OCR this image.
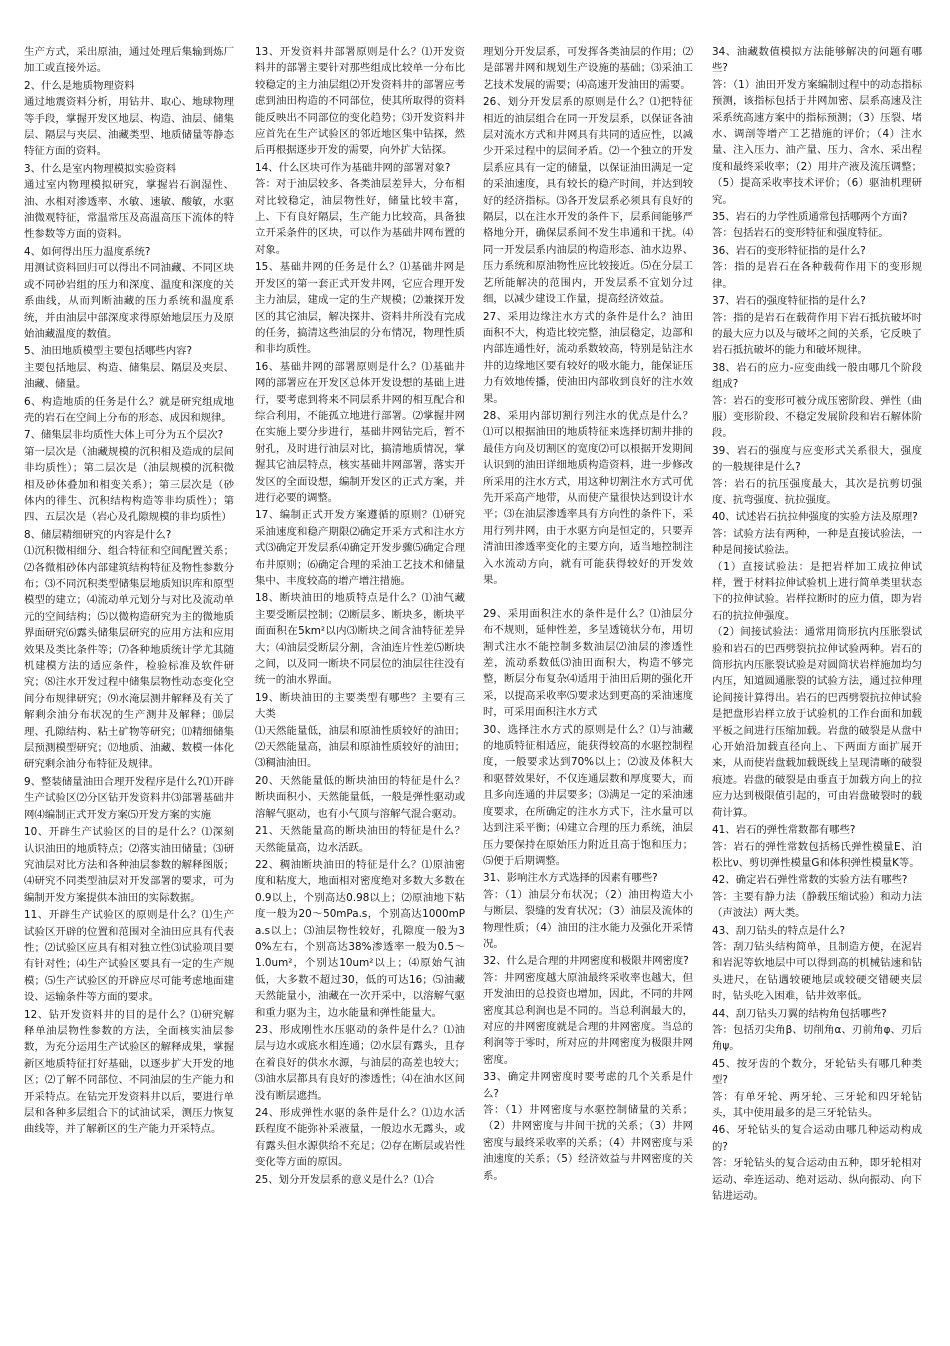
生产方式，采出原油，通过处理后集输到炼厂加工或直接外运。
2、什么是地质物理资料
通过地震资料分析，用钻井、取心、地球物理等手段，掌握开发区地层、构造、油层、储集层、隔层与夹层、油藏类型、地质储量等静态特征方面的资料。
3、什么是室内物理模拟实验资料
通过室内物理模拟研究，掌握岩石润湿性、油、水相对渗透率、水敏、速敏、酸敏，水驱油微观特征，常温常压及高温高压下流体的特性参数等方面的资料。
4、如何得出压力温度系统?
用测试资料回归可以得出不同油藏、不同区块或不同砂岩组的压力和深度、温度和深度的关系曲线，从而判断油藏的压力系统和温度系统，并由油层中部深度求得原始地层压力及原始油藏温度的数值。
5、油田地质模型主要包括哪些内容?
主要包括地层、构造、储集层、隔层及夹层、油藏、储量。
6、构造地质的任务是什么？就是研究组成地壳的岩石在空间上分布的形态、成因和规律。
7、储集层非均质性大体上可分为五个层次?
第一层次是（油藏规模的沉积相及造成的层间非均质性）；第二层次是（油层规模的沉积微相及砂体叠加和相变关系）；第三层次是（砂体内的徘生、沉积结构构造等非均质性）；第四、五层次是（岩心及孔隙规模的非均质性）
8、储层精细研究的内容是什么?
⑴沉积微相细分、组合特征和空间配置关系；⑵各微相砂体内部建筑结构特征及物性参数分布；⑶不同沉积类型储集层地质知识库和原型模型的建立；⑷流动单元划分与对比及流动单元的空间结构；⑸以微构造研究为主的微地质界面研究⑹露头储集层研究的应用方法和应用效果及类比条件等；⑺各种地质统计学尤其随机建模方法的适应条件，检验标准及软件研究；⑻注水开发过程中储集层物性动态变化空间分布规律研究；⑼水淹层测井解释及有关了解剩余油分布状况的生产测井及解释；⑽层理、孔隙结构、粘土矿物等研究；⑾精细储集层预测模型研究；⑿地质、油藏、数模一体化研究剩余油分布特征及规律。
9、整装储量油田合理开发程序是什么?⑴开辟生产试验区⑵分区钻开发资料井⑶部署基础井网⑷编制正式开发方案⑸开发方案的实施
10、开辟生产试验区的目的是什么？⑴深刻认识油田的地质特点；⑵落实油田储量；⑶研究油层对比方法和各种油层参数的解释图版；⑷研究不同类型油层对开发部署的要求，可为编制开发方案提供本油田的实际数据。
11、开辟生产试验区的原则是什么？⑴生产试验区开辟的位置和范围对全油田应具有代表性；⑵试验区应具有相对独立性⑶试验项目要有针对性；⑷生产试验区要具有一定的生产规模；⑸生产试验区的开辟应尽可能考虑地面建设、运输条件等方面的要求。
12、钻开发资料井的目的是什么？⑴研究解释单油层物性参数的方法，全面核实油层参数，为充分运用生产试验区的解释成果，掌握新区地质特征打好基础，以逐步扩大开发的地区；⑵了解不同部位、不同油层的生产能力和开采特点。在钻完开发资料井以后，要进行单层和各种多层组合下的试油试采，测压力恢复曲线等，并了解新区的生产能力开采特点。
13、开发资料井部署原则是什么？⑴开发资料井的部署主要针对那些组成比较单一分布比较稳定的主力油层组⑵开发资料井的部署应考虑到油田构造的不同部位，使其所取得的资料能反映出不同部位的变化趋势；⑶开发资料井应首先在生产试验区的邻近地区集中钻探，然后再根据逐步开发的需要，向外扩大钻探。
14、什么区块可作为基础井网的部署对象?
答：对于油层较多、各类油层差异大，分布相对比较稳定，油层物性好，储量比较丰富，上、下有良好隔层，生产能力比较高，具备独立开采条件的区块，可以作为基础井网布置的对象。
15、基础井网的任务是什么？⑴基础井网是开发区的第一套正式开发井网，它应合理开发主力油层，建成一定的生产规模；⑵兼探开发区的其它油层，解决探井、资料井所没有完成的任务，搞清这些油层的分布情况，物理性质和非均质性。
16、基础井网的部署原则是什么？⑴基础井网的部署应在开发区总体开发设想的基础上进行，要考虑到将来不同层系井网的相互配合和综合利用，不能孤立地进行部署。⑵掌握井网在实施上要分步进行，基础井网钻完后，暂不射孔，及时进行油层对比，搞清地质情况，掌握其它油层特点，核实基础井网部署，落实开发区的全面设想，编制开发区的正式方案，并进行必要的调整。
17、编制正式开发方案遵循的原则？⑴研究采油速度和稳产期限⑵确定开采方式和注水方式⑶确定开发层系⑷确定开发步骤⑸确定合理布井原则；⑹确定合理的采油工艺技术和储量集中、丰度较高的增产增注措施。
18、断块油田的地质特点是什么？⑴油气藏主要受断层控制；⑵断层多、断块多，断块平面面积在5km²以内⑶断块之间含油特征差异大；⑷油层受断层分割，含油连片性差⑸断块之间，以及同一断块不同层位的油层往往没有统一的油水界面。
19、断块油田的主要类型有哪些？主要有三大类
⑴天然能量低，油层和原油性质较好的油田；⑵天然能量高，油层和原油性质较好的油田；⑶稠油油田。
20、天然能量低的断块油田的特征是什么？断块面积小、天然能量低，一般是弹性驱动或溶解气驱动，也有小气顶与溶解气混合驱动。
21、天然能量高的断块油田的特征是什么？天然能量高，边水活跃。
22、稠油断块油田的特征是什么？⑴原油密度和粘度大，地面相对密度绝对多数大多数在0.9以上，个别高达0.98以上；⑵原油地下粘度一般为20～50mPa.s，个别高达1000mPa.s以上；⑶油层物性较好，孔隙度一般为30%左右，个别高达38%渗透率一般为0.5～1.0um²，个别达10um²以上；⑷原始气油低，大多数不超过30，低的可达16；⑸油藏天然能量小，油藏在一次开采中，以溶解气驱和重力驱为主，边水能量和弹性能量大。
23、形成刚性水压驱动的条件是什么？⑴油层与边水或底水相连通；⑵水层有露头，且存在着良好的供水水源，与油层的高差也较大；⑶油水层都具有良好的渗透性；⑷在油水区间没有断层遮挡。
24、形成弹性水驱的条件是什么？⑴边水活跃程度不能弥补采液量，一般边水无露头，或有露头但水源供给不充足；⑵存在断层或岩性变化等方面的原因。
25、划分开发层系的意义是什么？⑴合
理划分开发层系，可发挥各类油层的作用；⑵是部署井网和规划生产设施的基础；⑶采油工艺技术发展的需要；⑷高速开发油田的需要。
26、划分开发层系的原则是什么？⑴把特征相近的油层组合在同一开发层系，以保证各油层对流水方式和井网具有共同的适应性，以减少开采过程中的层间矛盾。⑵一个独立的开发层系应具有一定的储量，以保证油田满足一定的采油速度，具有较长的稳产时间，并达到较好的经济指标。⑶各开发层系必须具有良好的隔层，以在注水开发的条件下，层系间能够严格地分开，确保层系间不发生串通和干扰。⑷同一开发层系内油层的构造形态、油水边界、压力系统和原油物性应比较接近。⑸在分层工艺所能解决的范围内，开发层系不宜划分过细，以减少建设工作量，提高经济效益。
27、采用边缘注水方式的条件是什么？油田面积不大，构造比较完整，油层稳定，边部和内部连通性好，流动系数较高，特别是钻注水井的边缘地区要有较好的吸水能力，能保证压力有效地传播，使油田内部收到良好的注水效果。
28、采用内部切割行列注水的优点是什么？⑴可以根据油田的地质特征来选择切割井排的最佳方向及切割区的宽度⑵可以根据开发期间认识到的油田详细地质构造资料，进一步修改所采用的注水方式，用这种切割注水方式可优先开采高产地带，从而使产量很快达到设计水平；⑶在油层渗透率具有方向性的条件下，采用行列井网，由于水驱方向是恒定的，只要弄清油田渗透率变化的主要方向，适当地控制注入水流动方向，就有可能获得较好的开发效果。

29、采用面积注水的条件是什么？⑴油层分布不规则，延伸性差，多呈透镜状分布，用切割式注水不能控制多数油层⑵油层的渗透性差，流动系数低⑶油田面积大，构造不够完整，断层分布复杂⑷适用于油田后期的强化开采，以提高采收率⑸要求达到更高的采油速度时，可采用面积注水方式
30、选择注水方式的原则是什么？⑴与油藏的地质特征相适应，能获得较高的水驱控制程度，一般要求达到70%以上；⑵波及体积大和驱替效果好，不仅连通层数和厚度要大，而且多向连通的井层要多；⑶满足一定的采油速度要求，在所确定的注水方式下，注水量可以达到注采平衡；⑷建立合理的压力系统，油层压力要保持在原始压力附近且高于饱和压力；⑸便于后期调整。
31、影响注水方式选择的因素有哪些?
答：（1）油层分布状况；（2）油田构造大小与断层、裂缝的发育状况；（3）油层及流体的物理性质；（4）油田的注水能力及强化开采情况。
32、什么是合理的井网密度和极限井网密度?
答：井网密度越大原油最终采收率也越大，但开发油田的总投资也增加，因此，不同的井网密度其总利润也是不同的。当总利润最大的，对应的井网密度就是合理的井网密度。当总的利润等于零时，所对应的井网密度为极限井网密度。
33、确定井网密度时要考虑的几个关系是什么?
答：（1）井网密度与水驱控制储量的关系；（2）井网密度与井间干扰的关系；（3）井网密度与最终采收率的关系；（4）井网密度与采油速度的关系；（5）经济效益与井网密度的关系。
34、油藏数值模拟方法能够解决的问题有哪些?
答：（1）油田开发方案编制过程中的动态指标预测，该指标包括于井网加密、层系高速及注采系统高速方案中的指标预测；（3）压裂、堵水、调剖等增产工艺措施的评价；（4）注水量、注入压力、油产量、压力、含水、采出程度和最终采收率；（2）用井产液及流压调整；（5）提高采收率技术评价；（6）驱油机理研究。
35、岩石的力学性质通常包括哪两个方面?
答：包括岩石的变形特征和强度特征。
36、岩石的变形特征指的是什么?
答：指的是岩石在各种载荷作用下的变形规律。
37、岩石的强度特征指的是什么?
答：指的是岩石在载荷作用下岩石抵抗破坏时的最大应力以及与破坏之间的关系，它反映了岩石抵抗破坏的能力和破坏规律。
38、岩石的应力-应变曲线一般由哪几个阶段组成?
答：岩石的变形可被分成压密阶段、弹性（曲服）变形阶段、不稳定发展阶段和岩石解体阶段。
39、岩石的强度与应变形式关系很大，强度的一般规律是什么?
答：岩石的抗压强度最大，其次是抗剪切强度、抗弯强度、抗拉强度。
40、试述岩石抗拉伸强度的实验方法及原理?
答：试验方法有两种，一种是直接试验法，一种是间接试验法。
（1）直接试验法：是把岩样加工成拉伸试样，置于材料拉伸试验机上进行简单类里状态下的拉伸试验。岩样拉断时的应力值，即为岩石的抗拉伸强度。
（2）间接试验法：通常用筒形抗内压胀裂试验和岩石的巴西劈裂抗拉伸试验两种。岩石的筒形抗内压胀裂试验是对圆筒状岩样施加均匀内压，知道圆通胀裂的试验方法，通过拉伸理论间接计算得出。岩石的巴西劈裂抗拉伸试验是把盘形岩样立放于试验机的工作台面和加载平板之间进行压缩加载。岩盘的破裂是从盘中心开始沿加载直径向上、下两面方面扩展开来，从而使岩盘载加载既线上呈现清晰的破裂痕迹。岩盘的破裂是由垂直于加载方向上的拉应力达到极限值引起的，可由岩盘破裂时的载荷计算。
41、岩石的弹性常数都有哪些?
答：岩石的弹性常数包括杨氏弹性模量E、泊松比ν、剪切弹性模量G和体积弹性模量K等。
42、确定岩石弹性常数的实验方法有哪些?
答：主要有静力法（静载压缩试验）和动力法（声波法）两大类。
43、刮刀钻头的特点是什么?
答：刮刀钻头结构简单，且制造方便，在泥岩和岩泥等软地层中可以得到高的机械钻速和钻头进尺，在钻遇较硬地层或较硬交错硬夹层时，钻头吃入困难，钻井效率低。
44、刮刀钻头刀翼的结构角包括哪些?
答：包括刃尖角β、切削角α、刃前角φ、刃后角ψ。
45、按牙齿的个数分，牙轮钻头有哪几种类型?
答：有单牙轮、两牙轮、三牙轮和四牙轮钻头，其中使用最多的是三牙轮钻头。
46、牙轮钻头的复合运动由哪几种运动构成的?
答：牙轮钻头的复合运动由五种，即牙轮相对运动、牵连运动、绝对运动、纵向振动、向下钻进运动。
